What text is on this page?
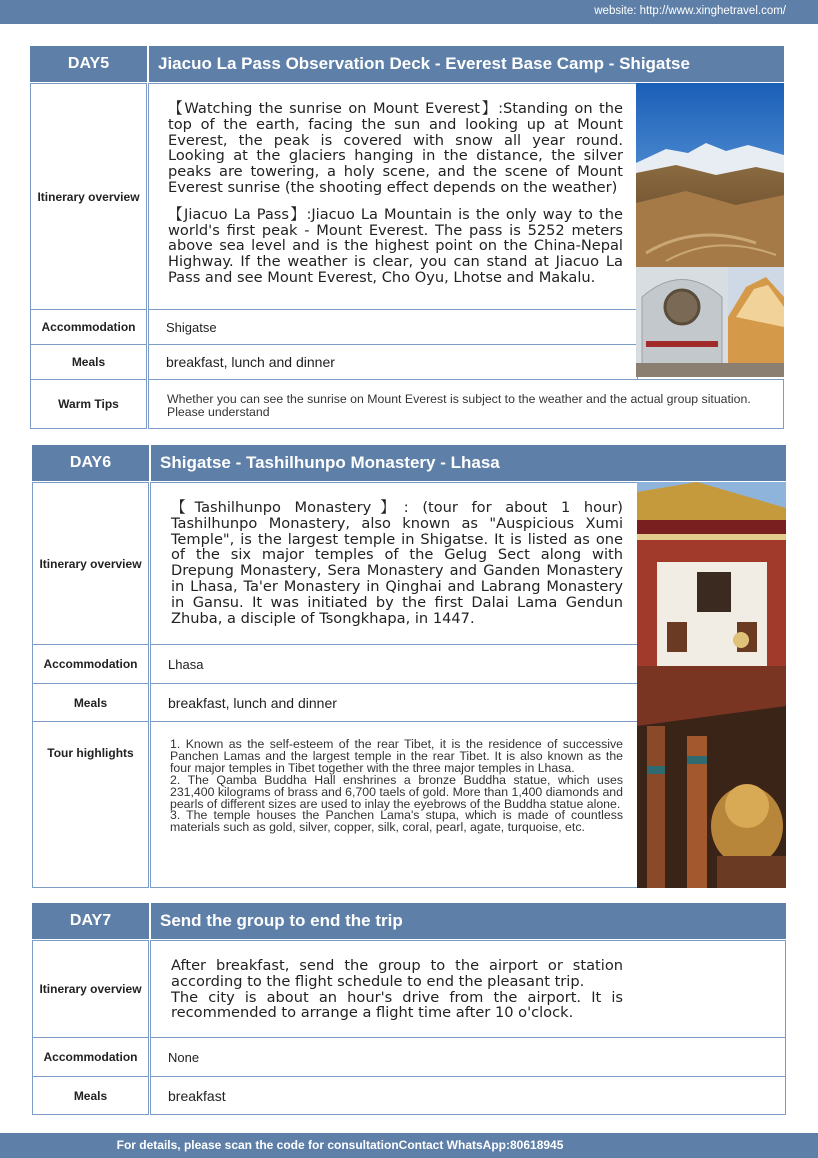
website: http://www.xinghetravel.com/
DAY5	Jiacuo La Pass Observation Deck - Everest Base Camp - Shigatse
Itinerary overview

【Watching the sunrise on Mount Everest】:Standing on the top of the earth, facing the sun and looking up at Mount Everest, the peak is covered with snow all year round. Looking at the glaciers hanging in the distance, the silver peaks are towering, a holy scene, and the scene of Mount Everest sunrise (the shooting effect depends on the weather)

【Jiacuo La Pass】:Jiacuo La Mountain is the only way to the world's first peak - Mount Everest. The pass is 5252 meters above sea level and is the highest point on the China-Nepal Highway. If the weather is clear, you can stand at Jiacuo La Pass and see Mount Everest, Cho Oyu, Lhotse and Makalu.

Accommodation	Shigatse
Meals	breakfast, lunch and dinner
Warm Tips	Whether you can see the sunrise on Mount Everest is subject to the weather and the actual group situation. Please understand
DAY6	Shigatse - Tashilhunpo Monastery - Lhasa
Itinerary overview

【Tashilhunpo Monastery】: (tour for about 1 hour) Tashilhunpo Monastery, also known as "Auspicious Xumi Temple", is the largest temple in Shigatse. It is listed as one of the six major temples of the Gelug Sect along with Drepung Monastery, Sera Monastery and Ganden Monastery in Lhasa, Ta'er Monastery in Qinghai and Labrang Monastery in Gansu. It was initiated by the first Dalai Lama Gendun Zhuba, a disciple of Tsongkhapa, in 1447.

Accommodation	Lhasa
Meals	breakfast, lunch and dinner
Tour highlights
1. Known as the self-esteem of the rear Tibet, it is the residence of successive Panchen Lamas and the largest temple in the rear Tibet. It is also known as the four major temples in Tibet together with the three major temples in Lhasa.
2. The Qamba Buddha Hall enshrines a bronze Buddha statue, which uses 231,400 kilograms of brass and 6,700 taels of gold. More than 1,400 diamonds and pearls of different sizes are used to inlay the eyebrows of the Buddha statue alone.
3. The temple houses the Panchen Lama's stupa, which is made of countless materials such as gold, silver, copper, silk, coral, pearl, agate, turquoise, etc.
DAY7	Send the group to end the trip
Itinerary overview
After breakfast, send the group to the airport or station according to the flight schedule to end the pleasant trip.
The city is about an hour's drive from the airport. It is recommended to arrange a flight time after 10 o'clock.
Accommodation	None
Meals	breakfast
For details, please scan the code for consultationContact WhatsApp:80618945
